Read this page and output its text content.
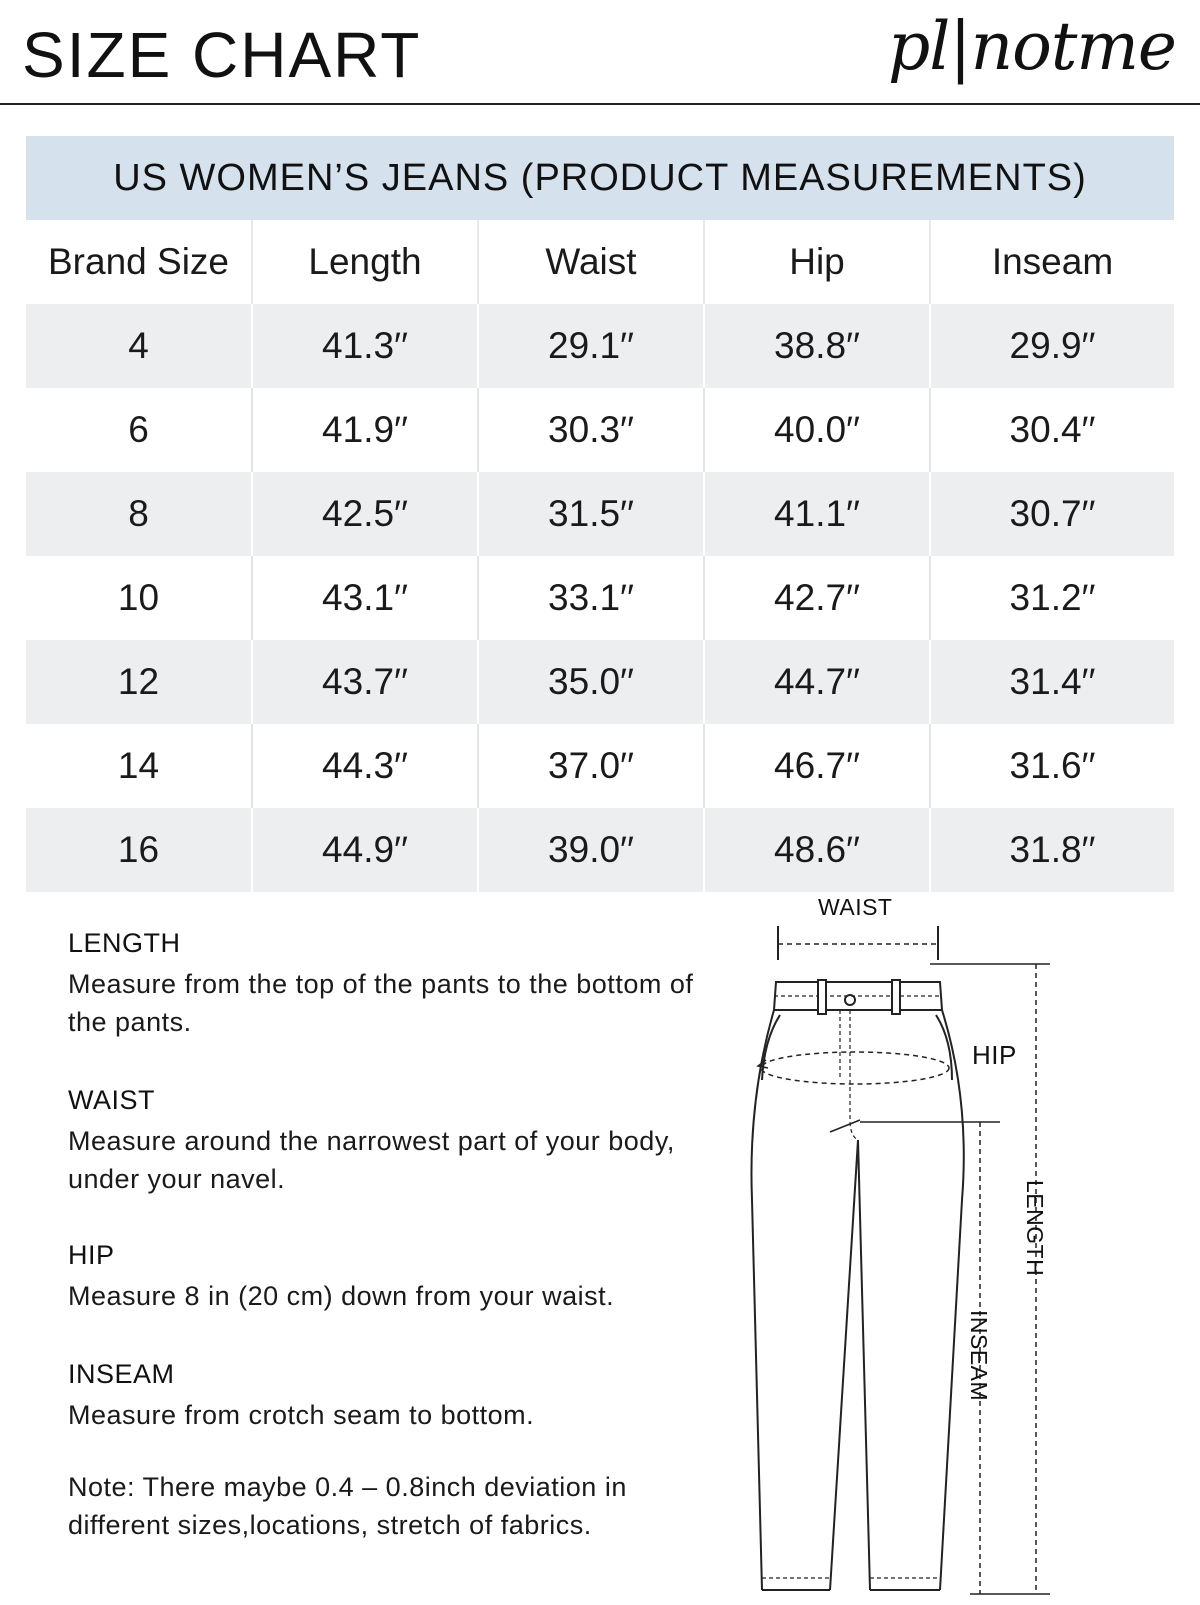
SIZE CHART	pl|notme
US WOMEN’S JEANS (PRODUCT MEASUREMENTS)
Brand Size	Length	Waist	Hip	Inseam
4	41.3′′	29.1′′	38.8′′	29.9′′
6	41.9′′	30.3′′	40.0′′	30.4′′
8	42.5′′	31.5′′	41.1′′	30.7′′
10	43.1′′	33.1′′	42.7′′	31.2′′
12	43.7′′	35.0′′	44.7′′	31.4′′
14	44.3′′	37.0′′	46.7′′	31.6′′
16	44.9′′	39.0′′	48.6′′	31.8′′
LENGTH
Measure from the top of the pants to the bottom of the pants.
WAIST
Measure around the narrowest part of your body, under your navel.
HIP
Measure 8 in (20 cm) down from your waist.
INSEAM
Measure from crotch seam to bottom.
Note: There maybe 0.4 – 0.8inch deviation in different sizes,locations, stretch of fabrics.
WAIST
HIP
LENGTH
INSEAM
